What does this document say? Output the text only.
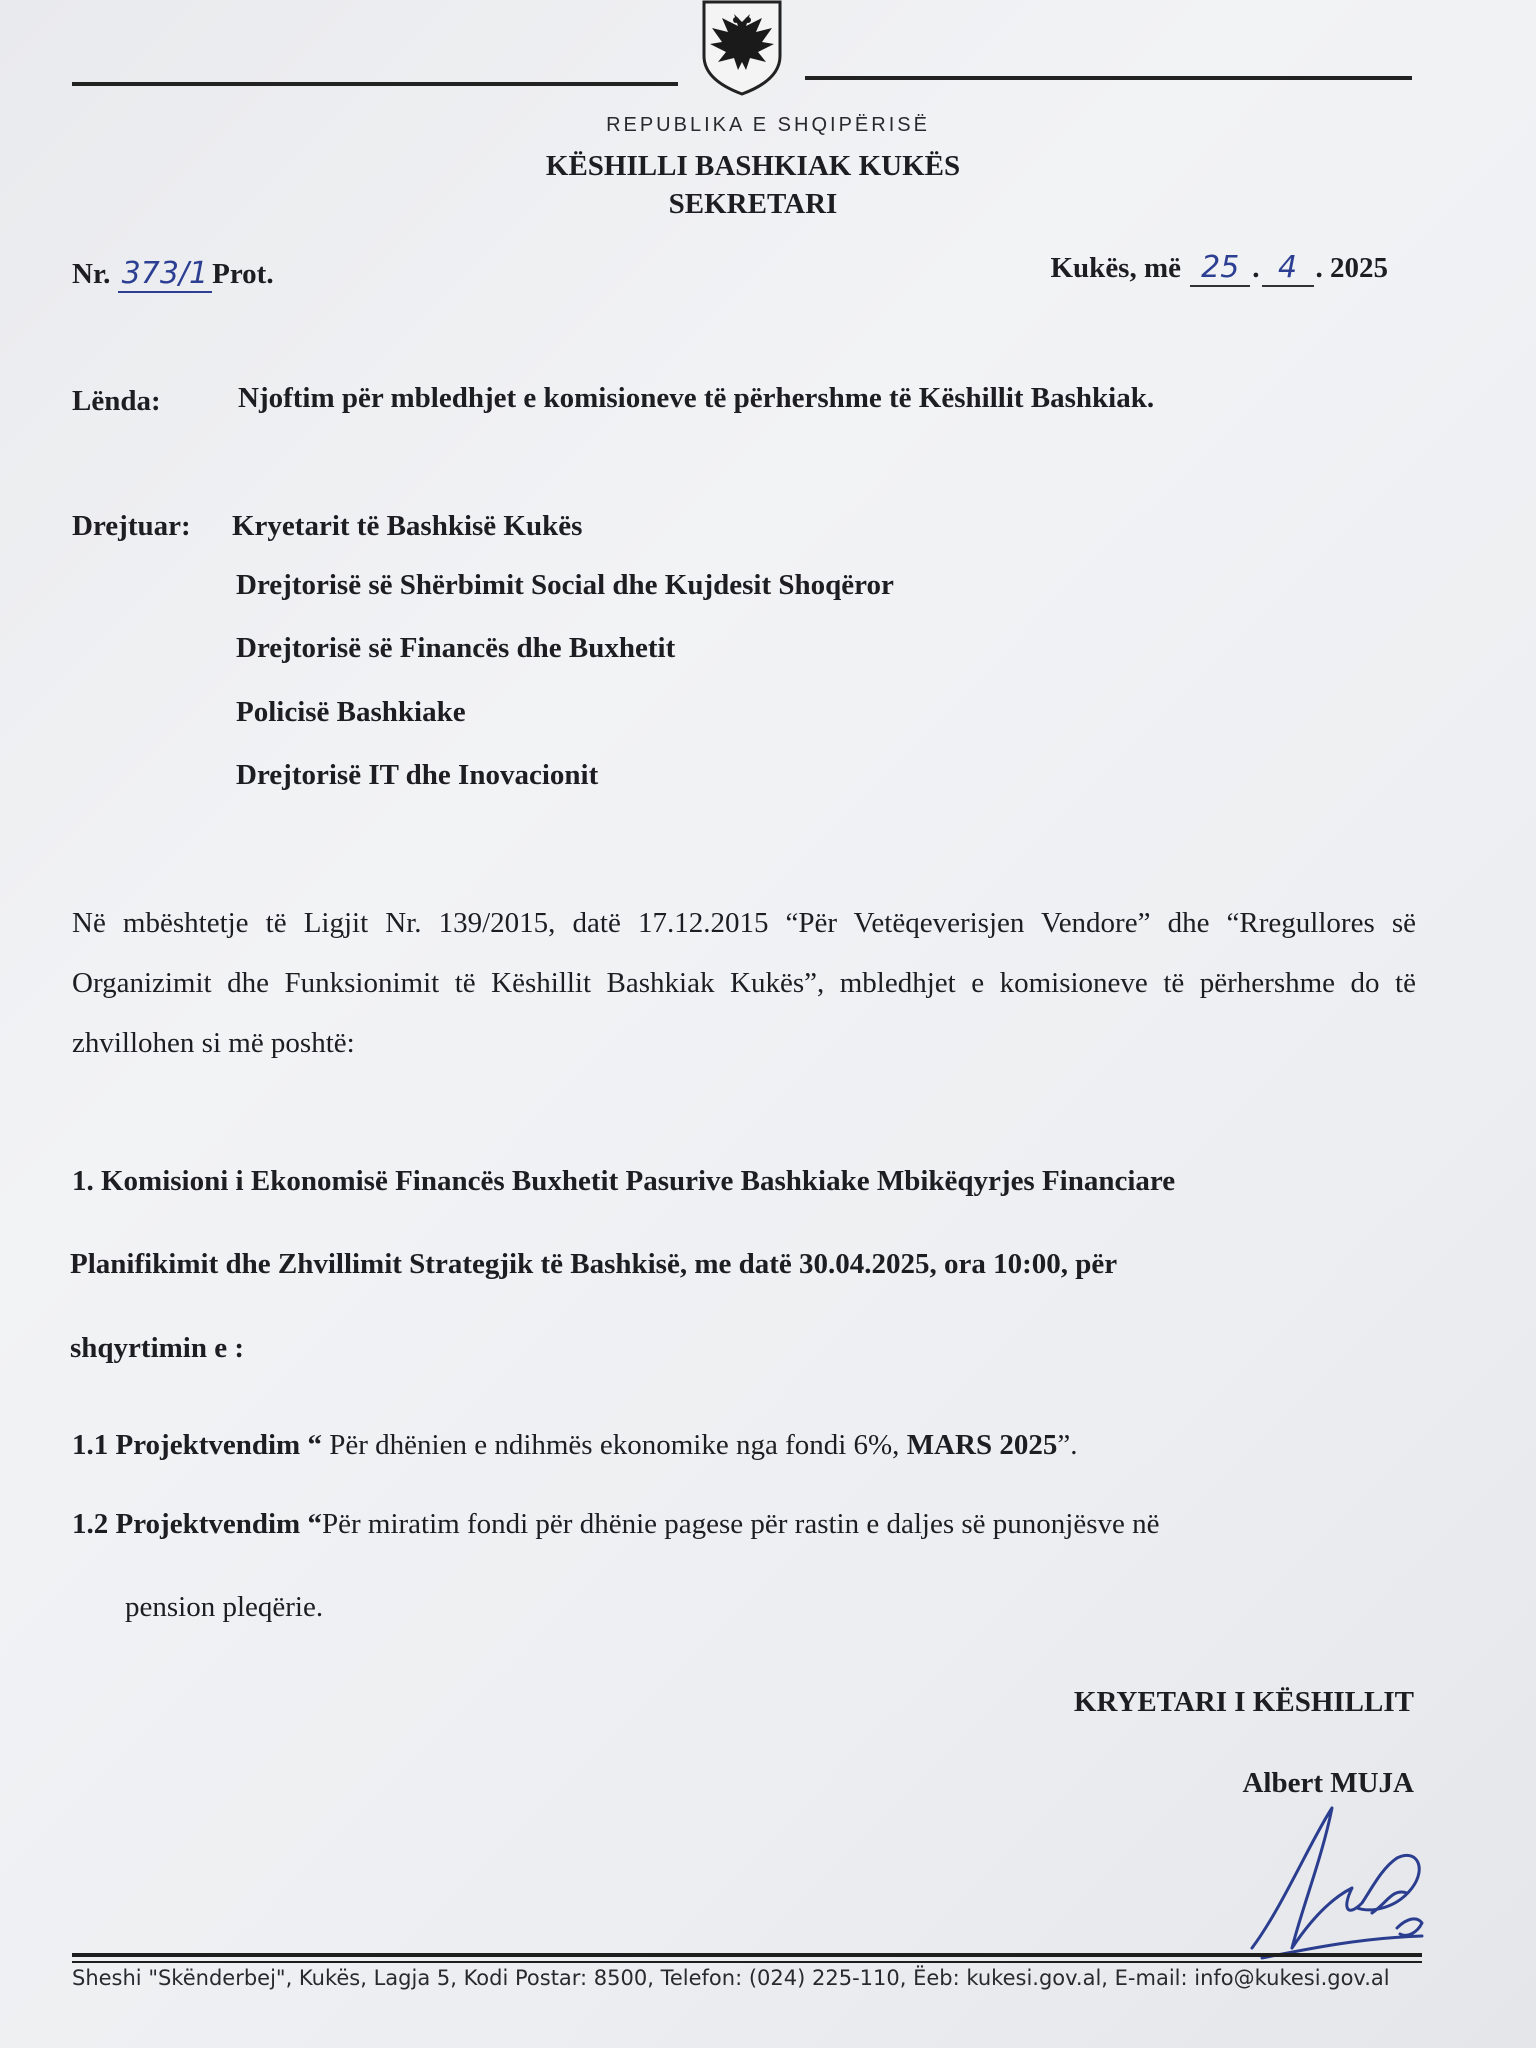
REPUBLIKA E SHQIPËRISË
KËSHILLI BASHKIAK KUKËS
SEKRETARI
Nr. 373/1 Prot.	Kukës, më 25 . 4 . 2025
Lënda:	Njoftim për mbledhjet e komisioneve të përhershme të Këshillit Bashkiak.
Drejtuar: Kryetarit të Bashkisë Kukës
Drejtorisë së Shërbimit Social dhe Kujdesit Shoqëror
Drejtorisë së Financës dhe Buxhetit
Policisë Bashkiake
Drejtorisë IT dhe Inovacionit
Në mbështetje të Ligjit Nr. 139/2015, datë 17.12.2015 “Për Vetëqeverisjen Vendore” dhe “Rregullores së Organizimit dhe Funksionimit të Këshillit Bashkiak Kukës”, mbledhjet e komisioneve të përhershme do të zhvillohen si më poshtë:
1. Komisioni i Ekonomisë Financës Buxhetit Pasurive Bashkiake Mbikëqyrjes Financiare
Planifikimit dhe Zhvillimit Strategjik të Bashkisë, me datë 30.04.2025, ora 10:00, për
shqyrtimin e :
1.1 Projektvendim “ Për dhënien e ndihmës ekonomike nga fondi 6%, MARS 2025”.
1.2 Projektvendim “Për miratim fondi për dhënie pagese për rastin e daljes së punonjësve në
pension pleqërie.
KRYETARI I KËSHILLIT
Albert MUJA
Sheshi "Skënderbej", Kukës, Lagja 5, Kodi Postar: 8500, Telefon: (024) 225-110, Ëeb: kukesi.gov.al, E-mail: info@kukesi.gov.al
